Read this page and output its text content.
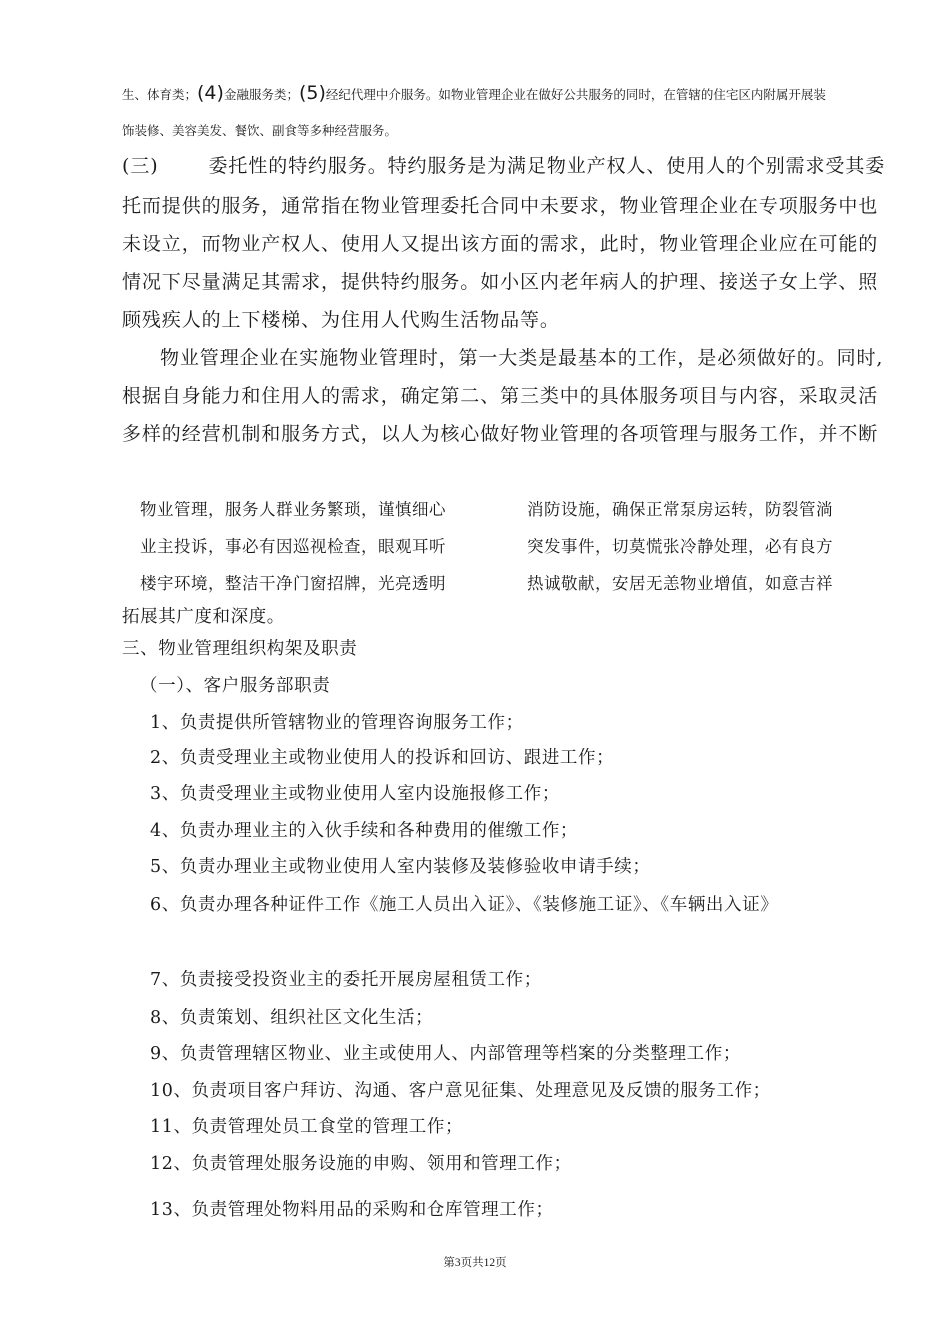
生、体育类；(4)金融服务类；(5)经纪代理中介服务。如物业管理企业在做好公共服务的同时，在管辖的住宅区内附属开展装
饰装修、美容美发、餐饮、副食等多种经营服务。
(三)	委托性的特约服务。特约服务是为满足物业产权人、使用人的个别需求受其委
托而提供的服务，通常指在物业管理委托合同中未要求，物业管理企业在专项服务中也
未设立，而物业产权人、使用人又提出该方面的需求，此时，物业管理企业应在可能的
情况下尽量满足其需求，提供特约服务。如小区内老年病人的护理、接送子女上学、照
顾残疾人的上下楼梯、为住用人代购生活物品等。
物业管理企业在实施物业管理时，第一大类是最基本的工作，是必须做好的。同时,
根据自身能力和住用人的需求，确定第二、第三类中的具体服务项目与内容，采取灵活
多样的经营机制和服务方式，以人为核心做好物业管理的各项管理与服务工作，并不断
物业管理，服务人群业务繁琐，谨慎细心
业主投诉，事必有因巡视检查，眼观耳听
楼宇环境，整洁干净门窗招牌，光亮透明
消防设施，确保正常泵房运转，防裂管淌
突发事件，切莫慌张冷静处理，必有良方
热诚敬献，安居无恙物业增值，如意吉祥
拓展其广度和深度。
三、物业管理组织构架及职责
（一）、客户服务部职责
1、负责提供所管辖物业的管理咨询服务工作；
2、负责受理业主或物业使用人的投诉和回访、跟进工作；
3、负责受理业主或物业使用人室内设施报修工作；
4、负责办理业主的入伙手续和各种费用的催缴工作；
5、负责办理业主或物业使用人室内装修及装修验收申请手续；
6、负责办理各种证件工作《施工人员出入证》、《装修施工证》、《车辆出入证》
7、负责接受投资业主的委托开展房屋租赁工作；
8、负责策划、组织社区文化生活；
9、负责管理辖区物业、业主或使用人、内部管理等档案的分类整理工作；
10、负责项目客户拜访、沟通、客户意见征集、处理意见及反馈的服务工作；
11、负责管理处员工食堂的管理工作；
12、负责管理处服务设施的申购、领用和管理工作；
13、负责管理处物料用品的采购和仓库管理工作；
第3页共12页
